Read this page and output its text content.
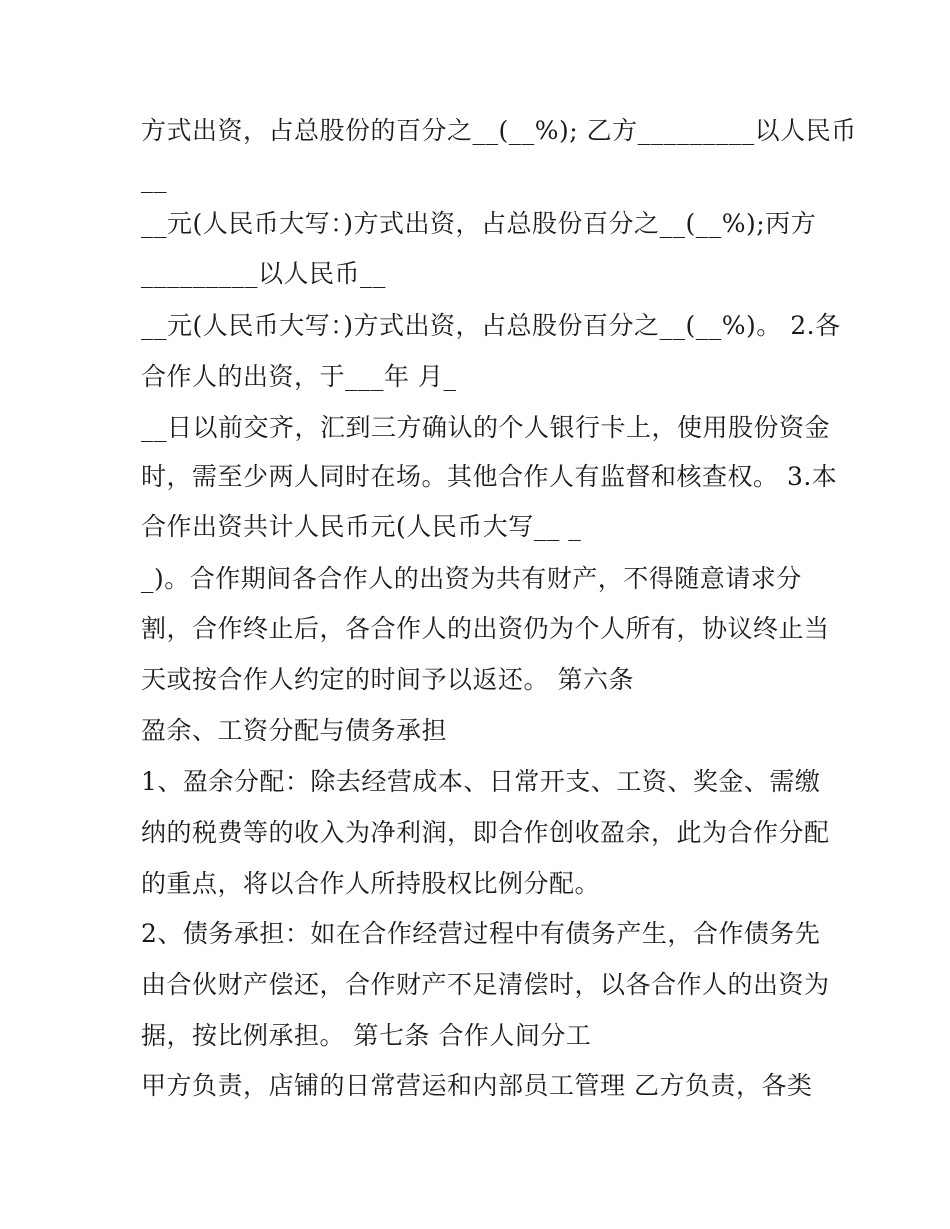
方式出资，占总股份的百分之__(__%); 乙方_________以人民币
__
__元(人民币大写：)方式出资，占总股份百分之__(__%);丙方
_________以人民币__
__元(人民币大写：)方式出资，占总股份百分之__(__%)。 2.各
合作人的出资，于___年 月_
__日以前交齐，汇到三方确认的个人银行卡上，使用股份资金
时，需至少两人同时在场。其他合作人有监督和核查权。 3.本
合作出资共计人民币元(人民币大写__ _
_)。合作期间各合作人的出资为共有财产，不得随意请求分
割，合作终止后，各合作人的出资仍为个人所有，协议终止当
天或按合作人约定的时间予以返还。 第六条
盈余、工资分配与债务承担
1、盈余分配：除去经营成本、日常开支、工资、奖金、需缴
纳的税费等的收入为净利润，即合作创收盈余，此为合作分配
的重点，将以合作人所持股权比例分配。
2、债务承担：如在合作经营过程中有债务产生，合作债务先
由合伙财产偿还，合作财产不足清偿时，以各合作人的出资为
据，按比例承担。 第七条 合作人间分工
甲方负责，店铺的日常营运和内部员工管理 乙方负责，各类
